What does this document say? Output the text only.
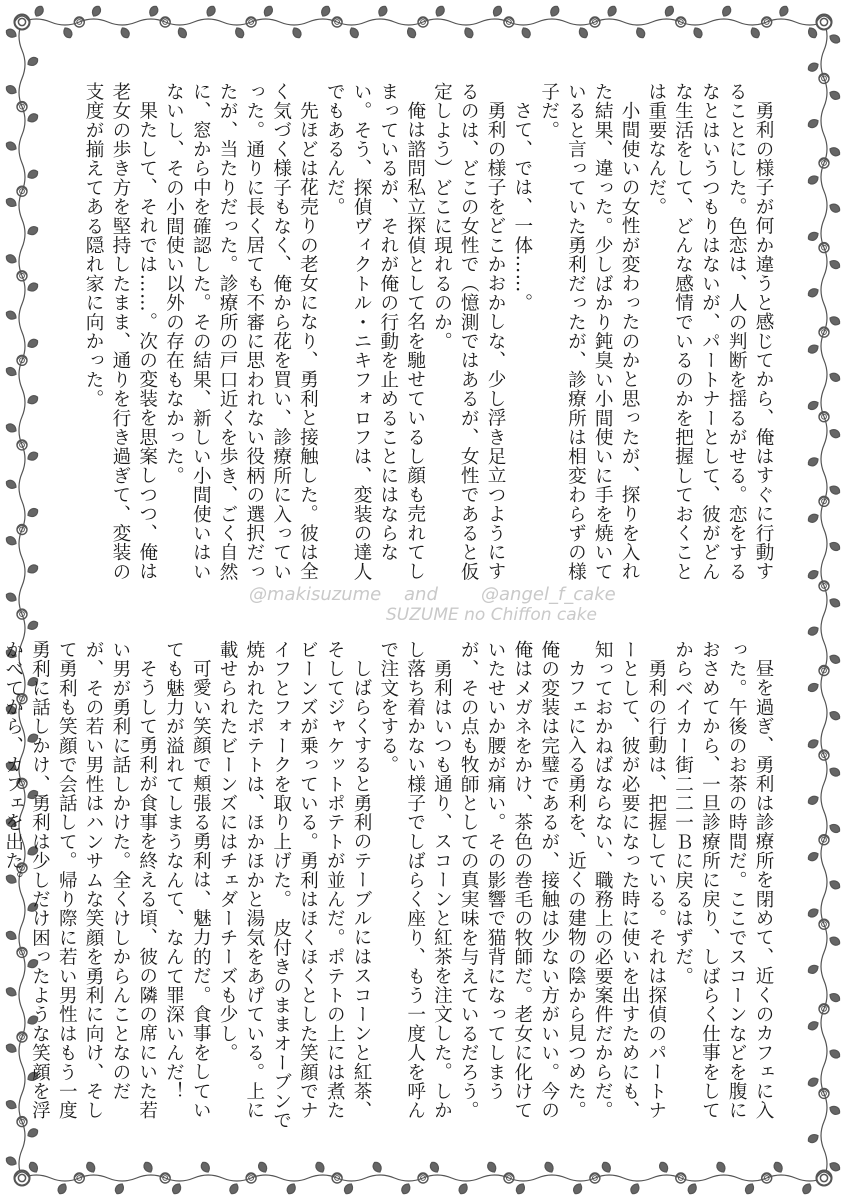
勇利の様子が何か違うと感じてから、俺はすぐに行動することにした。色恋は、人の判断を揺るがせる。恋をするなとはいうつもりはないが、パートナーとして、彼がどんな生活をして、どんな感情でいるのかを把握しておくことは重要なんだ。

小間使いの女性が変わったのかと思ったが、探りを入れた結果、違った。少しばかり鈍臭い小間使いに手を焼いていると言っていた勇利だったが、診療所は相変わらずの様子だ。

さて、では、一体……。

勇利の様子をどこかおかしな、少し浮き足立つようにするのは、どこの女性で（憶測ではあるが、女性であると仮定しよう）どこに現れるのか。

俺は諮問私立探偵として名を馳せているし顔も売れてしまっているが、それが俺の行動を止めることにはならない。そう、探偵ヴィクトル・ニキフォロフは、変装の達人でもあるんだ。

先ほどは花売りの老女になり、勇利と接触した。彼は全く気づく様子もなく、俺から花を買い、診療所に入っていった。通りに長く居ても不審に思われない役柄の選択だったが、当たりだった。診療所の戸口近くを歩き、ごく自然に、窓から中を確認した。その結果、新しい小間使いはいないし、その小間使い以外の存在もなかった。

果たして、それでは……。次の変装を思案しつつ、俺は老女の歩き方を堅持したまま、通りを行き過ぎて、変装の支度が揃えてある隠れ家に向かった。

@makisuzume and @angel_f_cake
SUZUME no Chiffon cake

昼を過ぎ、勇利は診療所を閉めて、近くのカフェに入った。午後のお茶の時間だ。ここでスコーンなどを腹におさめてから、一旦診療所に戻り、しばらく仕事をしてからベイカー街二二一Ｂに戻るはずだ。

勇利の行動は、把握している。それは探偵のパートナーとして、彼が必要になった時に使いを出すためにも、知っておかねばならない、職務上の必要案件だからだ。

カフェに入る勇利を、近くの建物の陰から見つめた。俺の変装は完璧であるが、接触は少ない方がいい。今の俺はメガネをかけ、茶色の巻毛の牧師だ。老女に化けていたせいか腰が痛い。その影響で猫背になってしまうが、その点も牧師としての真実味を与えているだろう。

勇利はいつも通り、スコーンと紅茶を注文した。しかし落ち着かない様子でしばらく座り、もう一度人を呼んで注文をする。

しばらくすると勇利のテーブルにはスコーンと紅茶、そしてジャケットポテトが並んだ。ポテトの上には煮たビーンズが乗っている。勇利はほくほくとした笑顔でナイフとフォークを取り上げた。　皮付きのままオーブンで焼かれたポテトは、ほかほかと湯気をあげている。上に載せられたビーンズにはチェダーチーズも少し。

可愛い笑顔で頬張る勇利は、魅力的だ。食事をしていても魅力が溢れてしまうなんて、なんて罪深いんだ！

そうして勇利が食事を終える頃、彼の隣の席にいた若い男が勇利に話しかけた。全くけしからんことなのだが、その若い男性はハンサムな笑顔を勇利に向け、そして勇利も笑顔で会話して。帰り際に若い男性はもう一度勇利に話しかけ、勇利は少しだけ困ったような笑顔を浮かべてから、カフェを出た。
